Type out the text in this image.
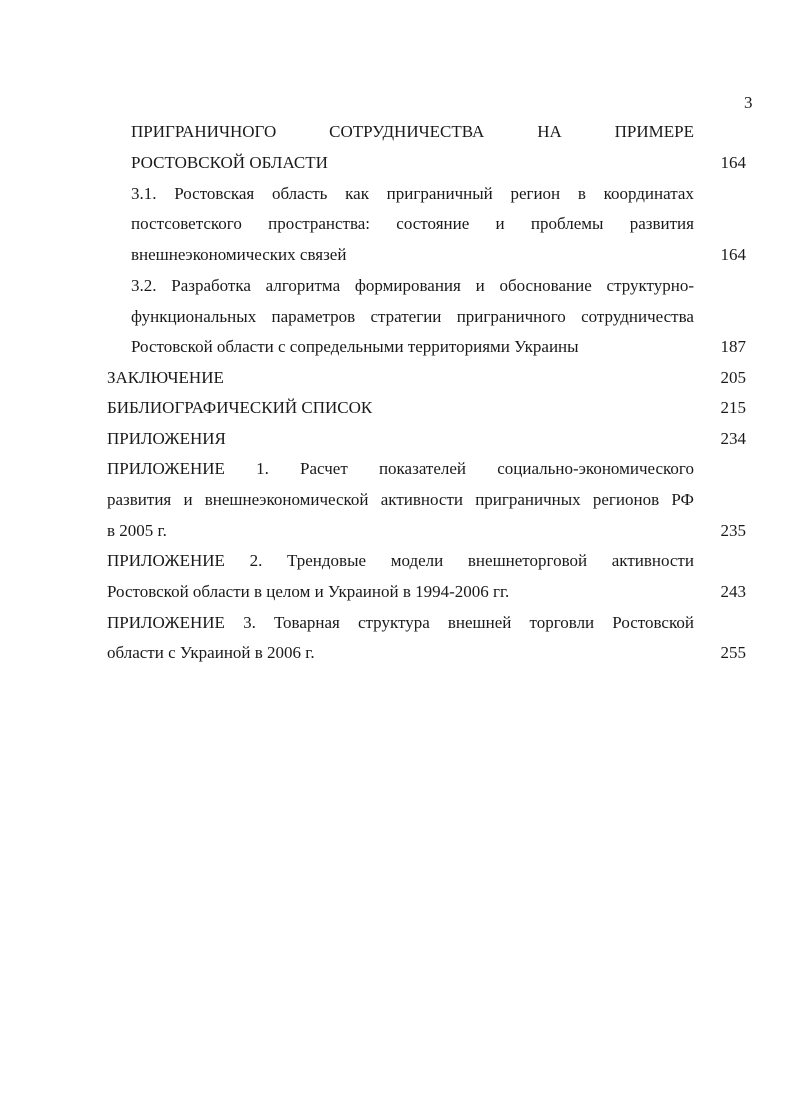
3
ПРИГРАНИЧНОГО	СОТРУДНИЧЕСТВА	НА	ПРИМЕРЕ
РОСТОВСКОЙ ОБЛАСТИ	164
3.1. Ростовская область как приграничный регион в координатах
постсоветского пространства: состояние и проблемы развития
внешнеэкономических связей	164
3.2. Разработка алгоритма формирования и обоснование структурно-
функциональных параметров стратегии приграничного сотрудничества
Ростовской области с сопредельными территориями Украины	187
ЗАКЛЮЧЕНИЕ	205
БИБЛИОГРАФИЧЕСКИЙ СПИСОК	215
ПРИЛОЖЕНИЯ	234
ПРИЛОЖЕНИЕ 1. Расчет показателей социально-экономического
развития и внешнеэкономической активности приграничных регионов РФ
в 2005 г.	235
ПРИЛОЖЕНИЕ 2. Трендовые модели внешнеторговой активности
Ростовской области в целом и Украиной в 1994-2006 гг.	243
ПРИЛОЖЕНИЕ 3. Товарная структура внешней торговли Ростовской
области с Украиной в 2006 г.	255
